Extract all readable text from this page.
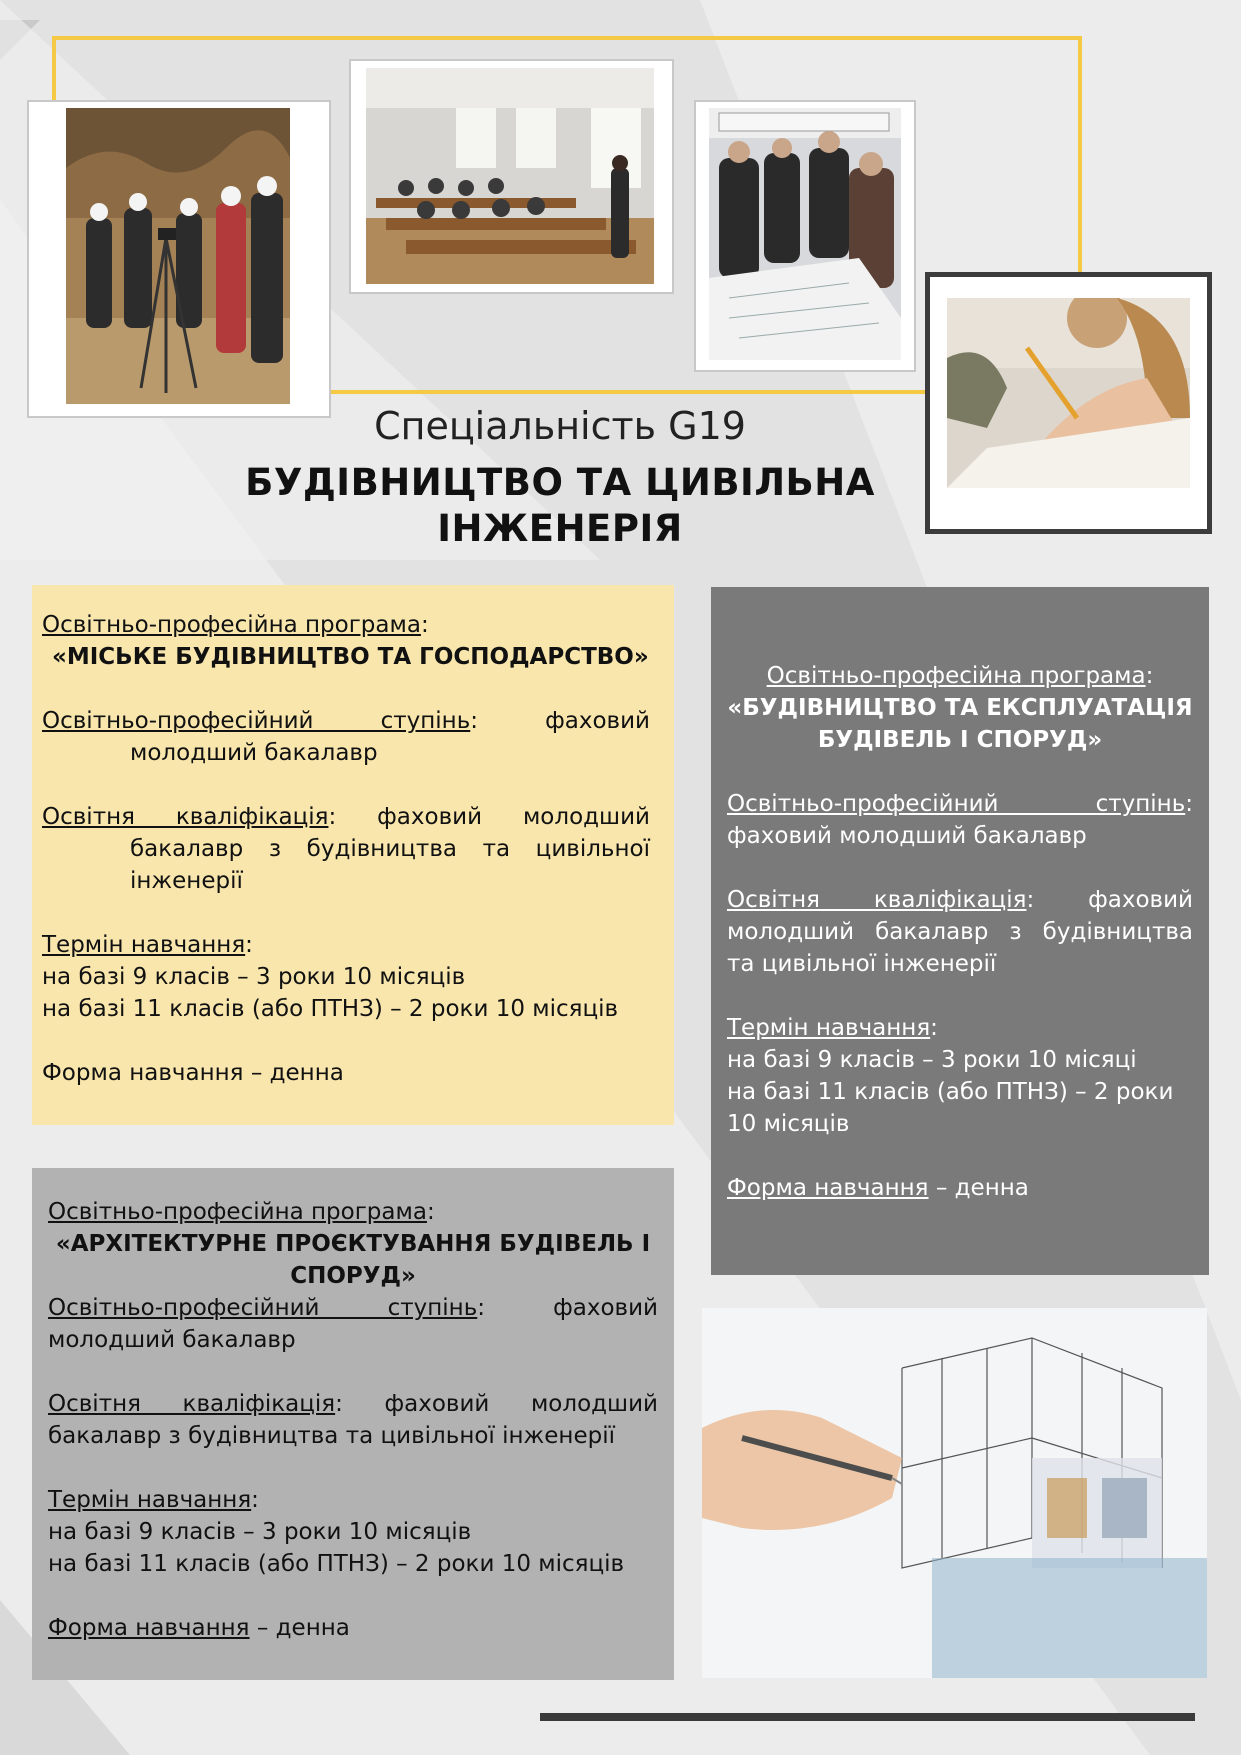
Спеціальність G19
БУДІВНИЦТВО ТА ЦИВІЛЬНА
ІНЖЕНЕРІЯ

Освітньо-професійна програма:

«МІСЬКЕ БУДІВНИЦТВО ТА ГОСПОДАРСТВО»

Освітньо-професійний ступінь: фаховий

молодший бакалавр

Освітня кваліфікація: фаховий молодший

бакалавр з будівництва та цивільної

інженерії

Термін навчання:

на базі 9 класів – 3 роки 10 місяців

на базі 11 класів (або ПТНЗ) – 2 роки 10 місяців

Форма навчання – денна

Освітньо-професійна програма:

«БУДІВНИЦТВО ТА ЕКСПЛУАТАЦІЯ

БУДІВЕЛЬ І СПОРУД»

Освітньо-професійний ступінь:

фаховий молодший бакалавр

Освітня кваліфікація: фаховий

молодший бакалавр з будівництва

та цивільної інженерії

Термін навчання:

на базі 9 класів – 3 роки 10 місяці

на базі 11 класів (або ПТНЗ) – 2 роки

10 місяців

Форма навчання – денна

Освітньо-професійна програма:

«АРХІТЕКТУРНЕ ПРОЄКТУВАННЯ БУДІВЕЛЬ І

СПОРУД»

Освітньо-професійний ступінь: фаховий

молодший бакалавр

Освітня кваліфікація: фаховий молодший

бакалавр з будівництва та цивільної інженерії

Термін навчання:

на базі 9 класів – 3 роки 10 місяців

на базі 11 класів (або ПТНЗ) – 2 роки 10 місяців

Форма навчання – денна
